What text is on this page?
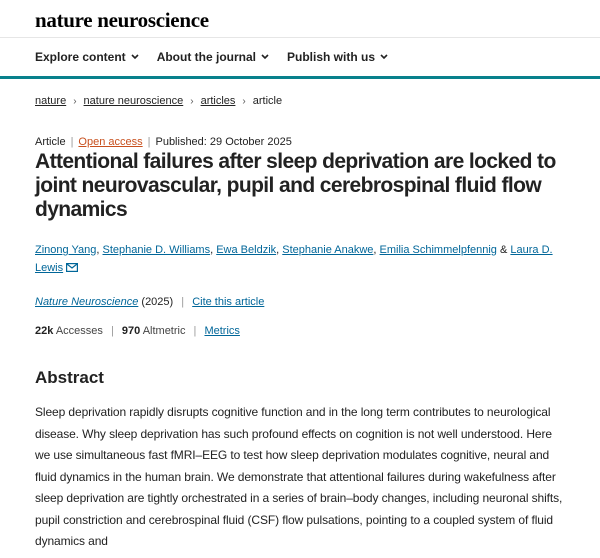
nature neuroscience
Explore content	About the journal	Publish with us
nature › nature neuroscience › articles › article
Article | Open access | Published: 29 October 2025
Attentional failures after sleep deprivation are locked to joint neurovascular, pupil and cerebrospinal fluid flow dynamics
Zinong Yang, Stephanie D. Williams, Ewa Beldzik, Stephanie Anakwe, Emilia Schimmelpfennig & Laura D. Lewis
Nature Neuroscience (2025) | Cite this article
22k Accesses | 970 Altmetric | Metrics
Abstract

Sleep deprivation rapidly disrupts cognitive function and in the long term contributes to neurological disease. Why sleep deprivation has such profound effects on cognition is not well understood. Here we use simultaneous fast fMRI–EEG to test how sleep deprivation modulates cognitive, neural and fluid dynamics in the human brain. We demonstrate that attentional failures during wakefulness after sleep deprivation are tightly orchestrated in a series of brain–body changes, including neuronal shifts, pupil constriction and cerebrospinal fluid (CSF) flow pulsations, pointing to a coupled system of fluid dynamics and
